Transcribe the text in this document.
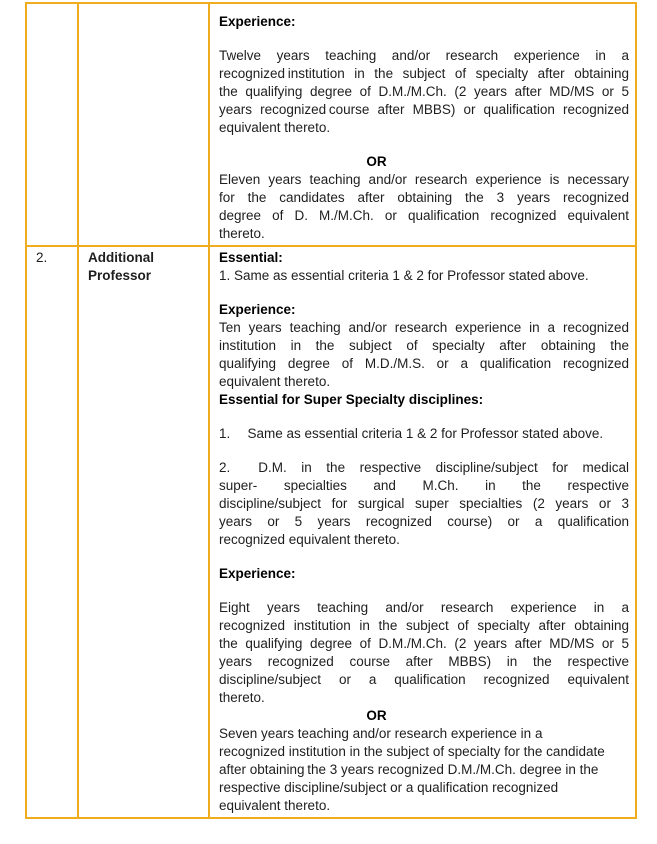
Experience:
Twelve years teaching and/or research experience in a
recognized institution in the subject of specialty after obtaining
the qualifying degree of D.M./M.Ch. (2 years after MD/MS or 5
years recognized course after MBBS) or qualification recognized
equivalent thereto.
OR
Eleven years teaching and/or research experience is necessary
for the candidates after obtaining the 3 years recognized
degree of D. M./M.Ch. or qualification recognized equivalent
thereto.

2.	Additional Professor	
Essential:
1. Same as essential criteria 1 & 2 for Professor stated above.
Experience:
Ten years teaching and/or research experience in a recognized
institution in the subject of specialty after obtaining the
qualifying degree of M.D./M.S. or a qualification recognized
equivalent thereto.
Essential for Super Specialty disciplines:
1.   Same as essential criteria 1 & 2 for Professor stated above.
2.   D.M. in the respective discipline/subject for medical
super- specialties and M.Ch. in the respective
discipline/subject for surgical super specialties (2 years or 3
years or 5 years recognized course) or a qualification
recognized equivalent thereto.
Experience:
Eight years teaching and/or research experience in a
recognized institution in the subject of specialty after obtaining
the qualifying degree of D.M./M.Ch. (2 years after MD/MS or 5
years recognized course after MBBS) in the respective
discipline/subject or a qualification recognized equivalent
thereto.
OR
Seven years teaching and/or research experience in a
recognized institution in the subject of specialty for the candidate
after obtaining the 3 years recognized D.M./M.Ch. degree in the
respective discipline/subject or a qualification recognized
equivalent thereto.
